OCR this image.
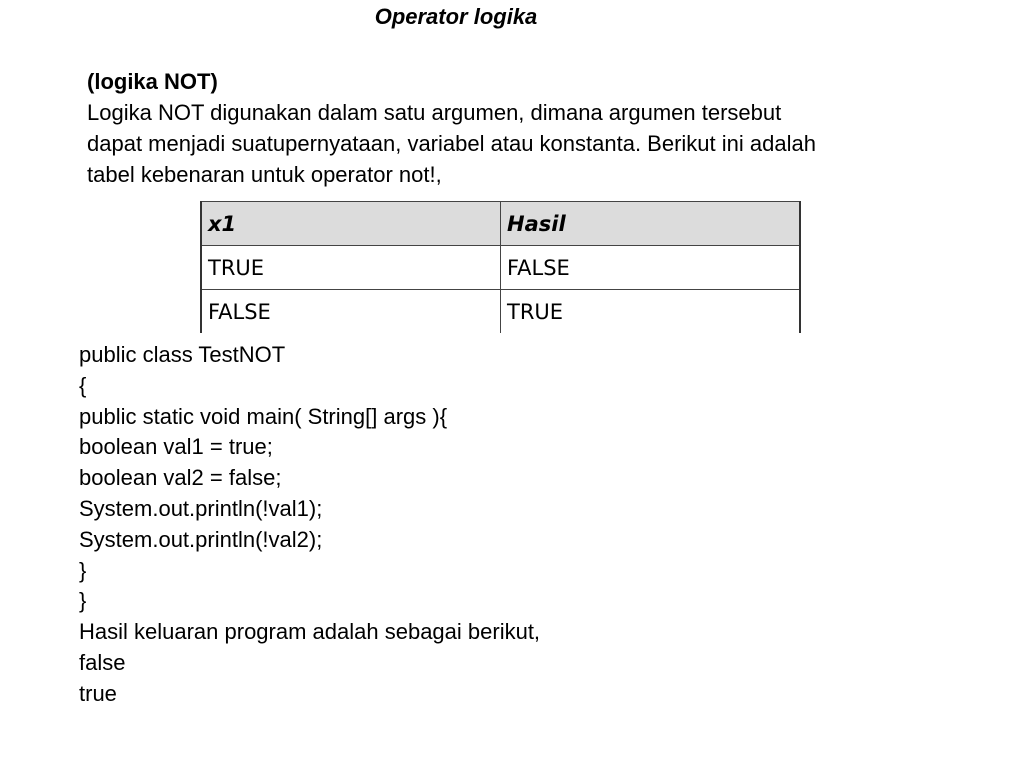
Operator logika
(logika NOT)
Logika NOT digunakan dalam satu argumen, dimana argumen tersebut
dapat menjadi suatupernyataan, variabel atau konstanta. Berikut ini adalah
tabel kebenaran untuk operator not!,
x1	Hasil
TRUE	FALSE
FALSE	TRUE
public class TestNOT
{
public static void main( String[] args ){
boolean val1 = true;
boolean val2 = false;
System.out.println(!val1);
System.out.println(!val2);
}
}
Hasil keluaran program adalah sebagai berikut,
false
true
